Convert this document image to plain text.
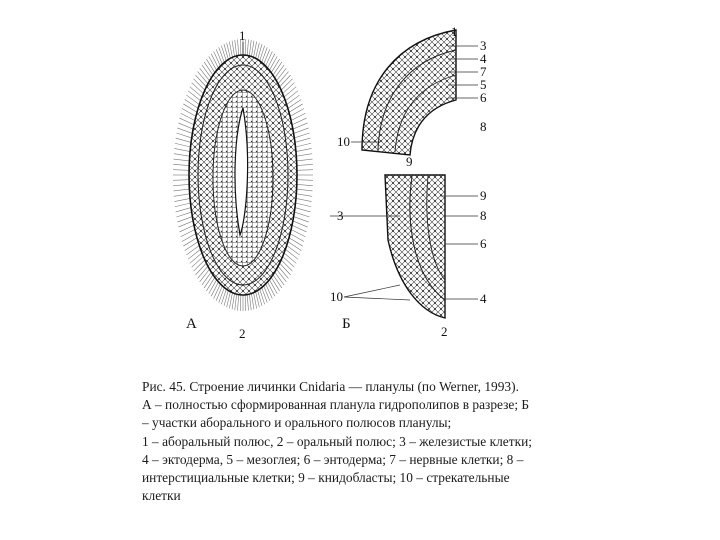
1
2
А
1
3
4
7
5
6
8
10
9
9
3	8
6
10	4
2
Б

Рис. 45. Строение личинки Cnidaria — планулы (по Werner, 1993).

А – полностью сформированная планула гидрополипов в разрезе; Б

– участки аборального и орального полюсов планулы;

1 – аборальный полюс, 2 – оральный полюс; 3 – железистые клетки;

4 – эктодерма, 5 – мезоглея; 6 – энтодерма; 7 – нервные клетки; 8 –

интерстициальные клетки; 9 – книдобласты; 10 – стрекательные

клетки
